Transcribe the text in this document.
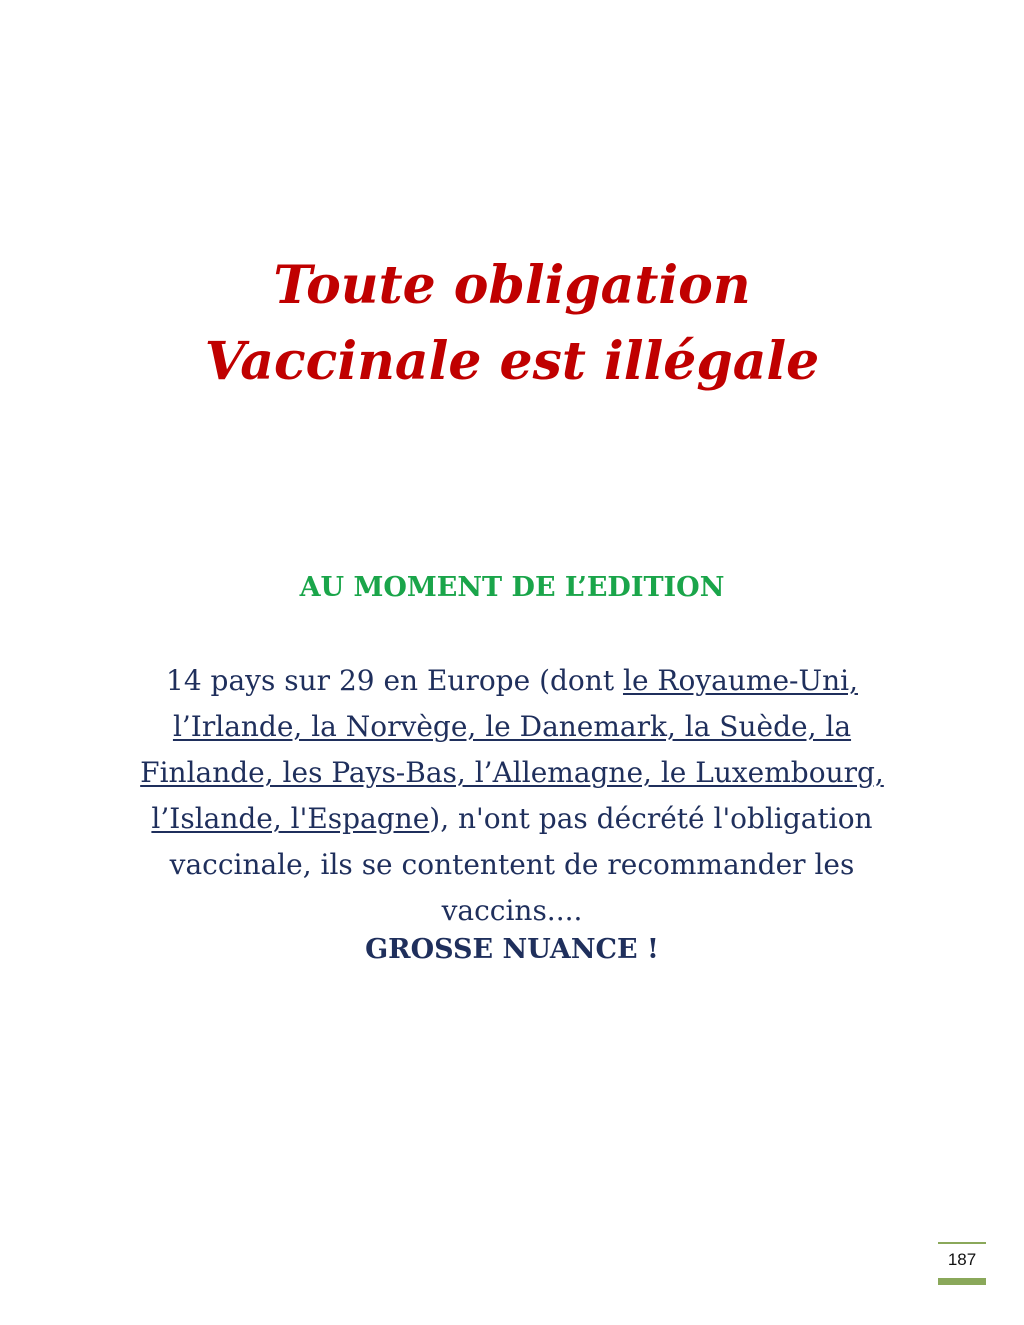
Toute obligation
Vaccinale est illégale
AU MOMENT DE L’EDITION

14 pays sur 29 en Europe (dont le Royaume-Uni, l’Irlande, la Norvège, le Danemark, la Suède, la Finlande, les Pays-Bas, l’Allemagne, le Luxembourg, l’Islande, l'Espagne), n'ont pas décrété l'obligation vaccinale, ils se contentent de recommander les vaccins....

GROSSE NUANCE !

187
